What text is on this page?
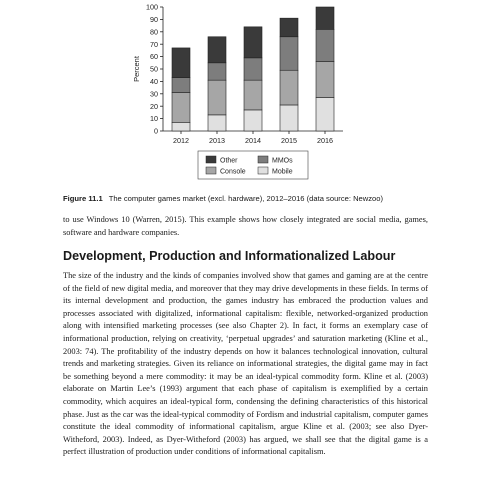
0
10
20
30
40
50
60
70
80
90
100
Percent
2012	2013	2014	2015	2016
Other	MMOs
Console	Mobile
Figure 11.1 The computer games market (excl. hardware), 2012–2016 (data source: Newzoo)

to use Windows 10 (Warren, 2015). This example shows how closely integrated are social media, games, software and hardware companies.

Development, Production and Informationalized Labour

The size of the industry and the kinds of companies involved show that games and gaming are at the centre of the field of new digital media, and moreover that they may drive developments in these fields. In terms of its internal development and production, the games industry has embraced the production values and processes associated with digitalized, informational capitalism: flexible, networked-organized production along with intensified marketing processes (see also Chapter 2). In fact, it forms an exemplary case of informational production, relying on creativity, ‘perpetual upgrades’ and saturation marketing (Kline et al., 2003: 74). The profitability of the industry depends on how it balances technological innovation, cultural trends and marketing strategies. Given its reliance on informational strategies, the digital game may in fact be something beyond a mere commodity: it may be an ideal-typical commodity form. Kline et al. (2003) elaborate on Martin Lee’s (1993) argument that each phase of capitalism is exemplified by a certain commodity, which acquires an ideal-typical form, condensing the defining characteristics of this historical phase. Just as the car was the ideal-typical commodity of Fordism and industrial capitalism, computer games constitute the ideal commodity of informational capitalism, argue Kline et al. (2003; see also Dyer-Witheford, 2003). Indeed, as Dyer-Witheford (2003) has argued, we shall see that the digital game is a perfect illustration of production under conditions of informational capitalism.
